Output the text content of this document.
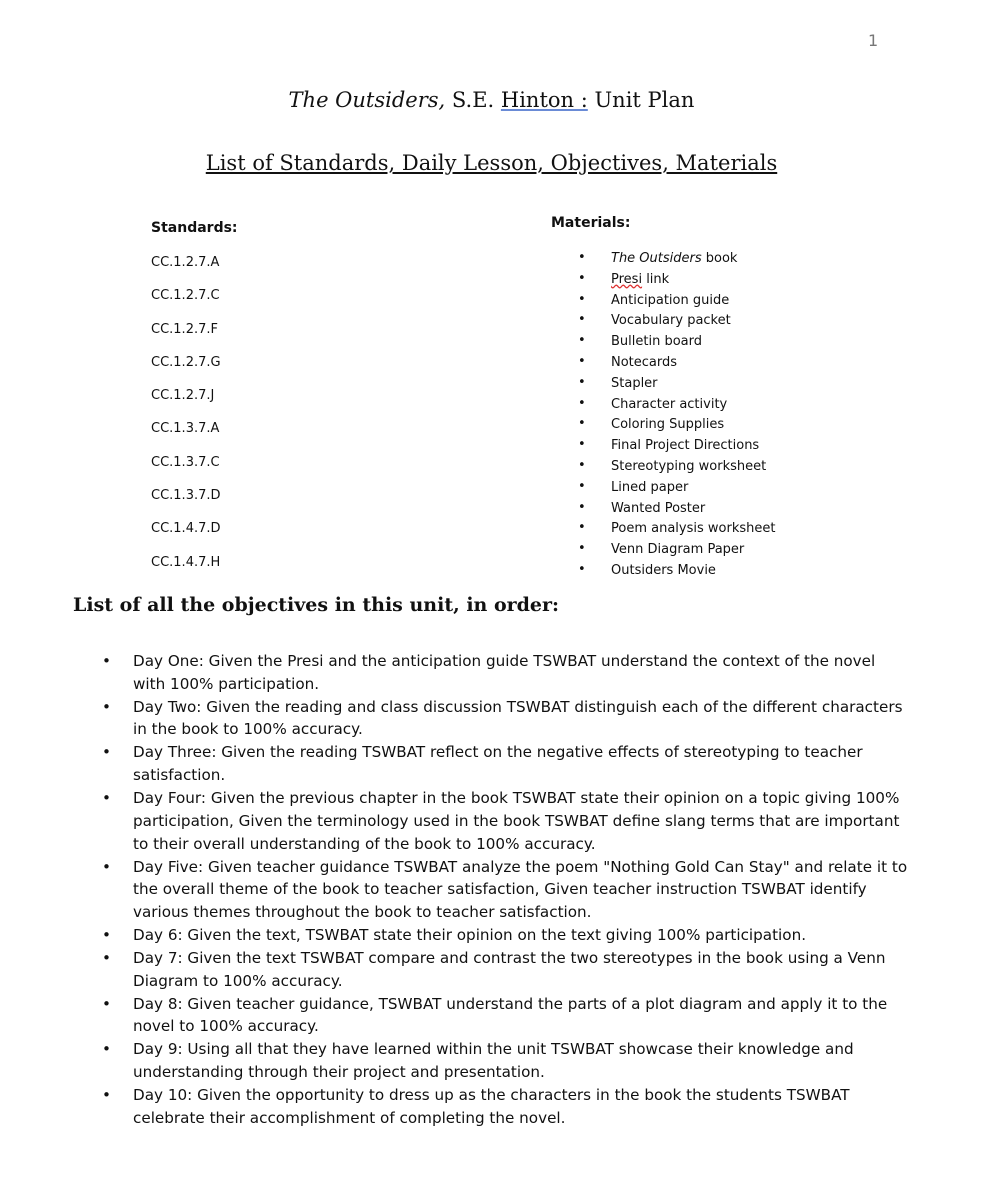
1
The Outsiders, S.E. Hinton : Unit Plan
List of Standards, Daily Lesson, Objectives, Materials
Standards:
CC.1.2.7.A
CC.1.2.7.C
CC.1.2.7.F
CC.1.2.7.G
CC.1.2.7.J
CC.1.3.7.A
CC.1.3.7.C
CC.1.3.7.D
CC.1.4.7.D
CC.1.4.7.H
Materials:
• The Outsiders book
• Presi link
• Anticipation guide
• Vocabulary packet
• Bulletin board
• Notecards
• Stapler
• Character activity
• Coloring Supplies
• Final Project Directions
• Stereotyping worksheet
• Lined paper
• Wanted Poster
• Poem analysis worksheet
• Venn Diagram Paper
• Outsiders Movie
List of all the objectives in this unit, in order:
• Day One: Given the Presi and the anticipation guide TSWBAT understand the context of the novel with 100% participation.
• Day Two: Given the reading and class discussion TSWBAT distinguish each of the different characters in the book to 100% accuracy.
• Day Three: Given the reading TSWBAT reflect on the negative effects of stereotyping to teacher satisfaction.
• Day Four: Given the previous chapter in the book TSWBAT state their opinion on a topic giving 100% participation, Given the terminology used in the book TSWBAT define slang terms that are important to their overall understanding of the book to 100% accuracy.
• Day Five: Given teacher guidance TSWBAT analyze the poem "Nothing Gold Can Stay" and relate it to the overall theme of the book to teacher satisfaction, Given teacher instruction TSWBAT identify various themes throughout the book to teacher satisfaction.
• Day 6: Given the text, TSWBAT state their opinion on the text giving 100% participation.
• Day 7: Given the text TSWBAT compare and contrast the two stereotypes in the book using a Venn Diagram to 100% accuracy.
• Day 8: Given teacher guidance, TSWBAT understand the parts of a plot diagram and apply it to the novel to 100% accuracy.
• Day 9: Using all that they have learned within the unit TSWBAT showcase their knowledge and understanding through their project and presentation.
• Day 10: Given the opportunity to dress up as the characters in the book the students TSWBAT celebrate their accomplishment of completing the novel.
